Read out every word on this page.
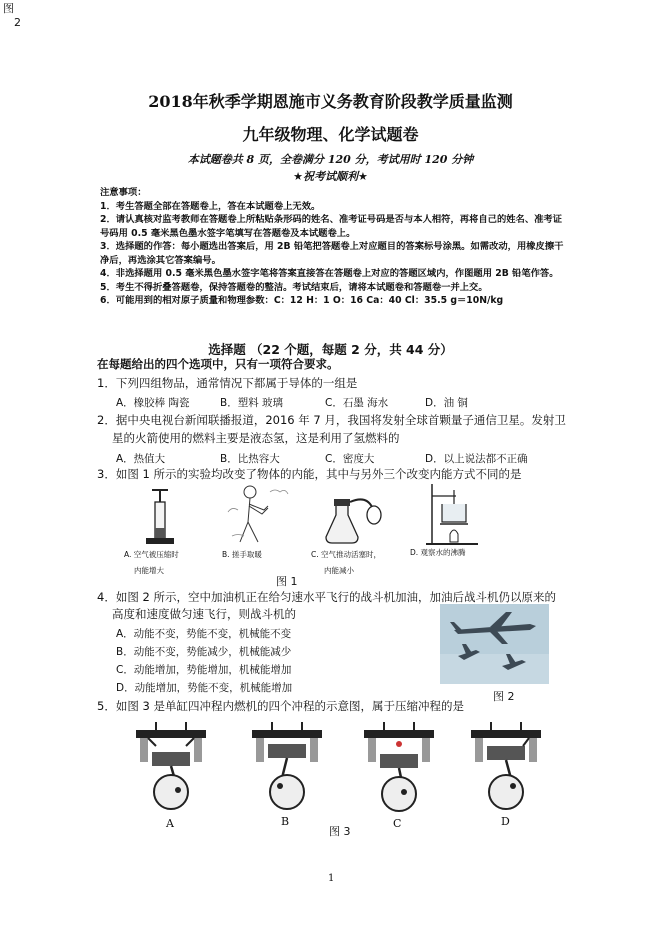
图
2
2018年秋季学期恩施市义务教育阶段教学质量监测
九年级物理、化学试题卷
本试题卷共 8 页，全卷满分 120 分，考试用时 120 分钟
★祝考试顺利★
注意事项：
1．考生答题全部在答题卷上，答在本试题卷上无效。
2．请认真核对监考教师在答题卷上所粘贴条形码的姓名、准考证号码是否与本人相符，再将自己的姓名、准考证号码用 0.5 毫米黑色墨水签字笔填写在答题卷及本试题卷上。
3．选择题的作答：每小题选出答案后，用 2B 铅笔把答题卷上对应题目的答案标号涂黑。如需改动，用橡皮擦干净后，再选涂其它答案编号。
4．非选择题用 0.5 毫米黑色墨水签字笔将答案直接答在答题卷上对应的答题区域内，作图题用 2B 铅笔作答。
5．考生不得折叠答题卷，保持答题卷的整洁。考试结束后，请将本试题卷和答题卷一并上交。
6．可能用到的相对原子质量和物理参数：C：12 H：1 O：16 Ca：40 Cl：35.5 g＝10N/kg
选择题 （22 个题，每题 2 分，共 44 分）
在每题给出的四个选项中，只有一项符合要求。
1．下列四组物品，通常情况下都属于导体的一组是
A．橡胶棒 陶瓷	B．塑料 玻璃	C．石墨 海水	D．油 铜
2．据中央电视台新闻联播报道，2016 年 7 月，我国将发射全球首颗量子通信卫星。发射卫
星的火箭使用的燃料主要是液态氢，这是利用了氢燃料的
A．热值大	B．比热容大	C．密度大	D．以上说法都不正确
3．如图 1 所示的实验均改变了物体的内能，其中与另外三个改变内能方式不同的是
A. 空气被压缩时
内能增大
B. 搓手取暖	C. 空气推动活塞时，
内能减小
D. 观察水的沸腾
图 1
4．如图 2 所示，空中加油机正在给匀速水平飞行的战斗机加油，加油后战斗机仍以原来的
高度和速度做匀速飞行，则战斗机的
A．动能不变，势能不变，机械能不变
B．动能不变，势能减少，机械能减少
C．动能增加，势能增加，机械能增加
D．动能增加，势能不变，机械能增加
图 2
5．如图 3 是单缸四冲程内燃机的四个冲程的示意图，属于压缩冲程的是
A	B	C	D
图 3
1
